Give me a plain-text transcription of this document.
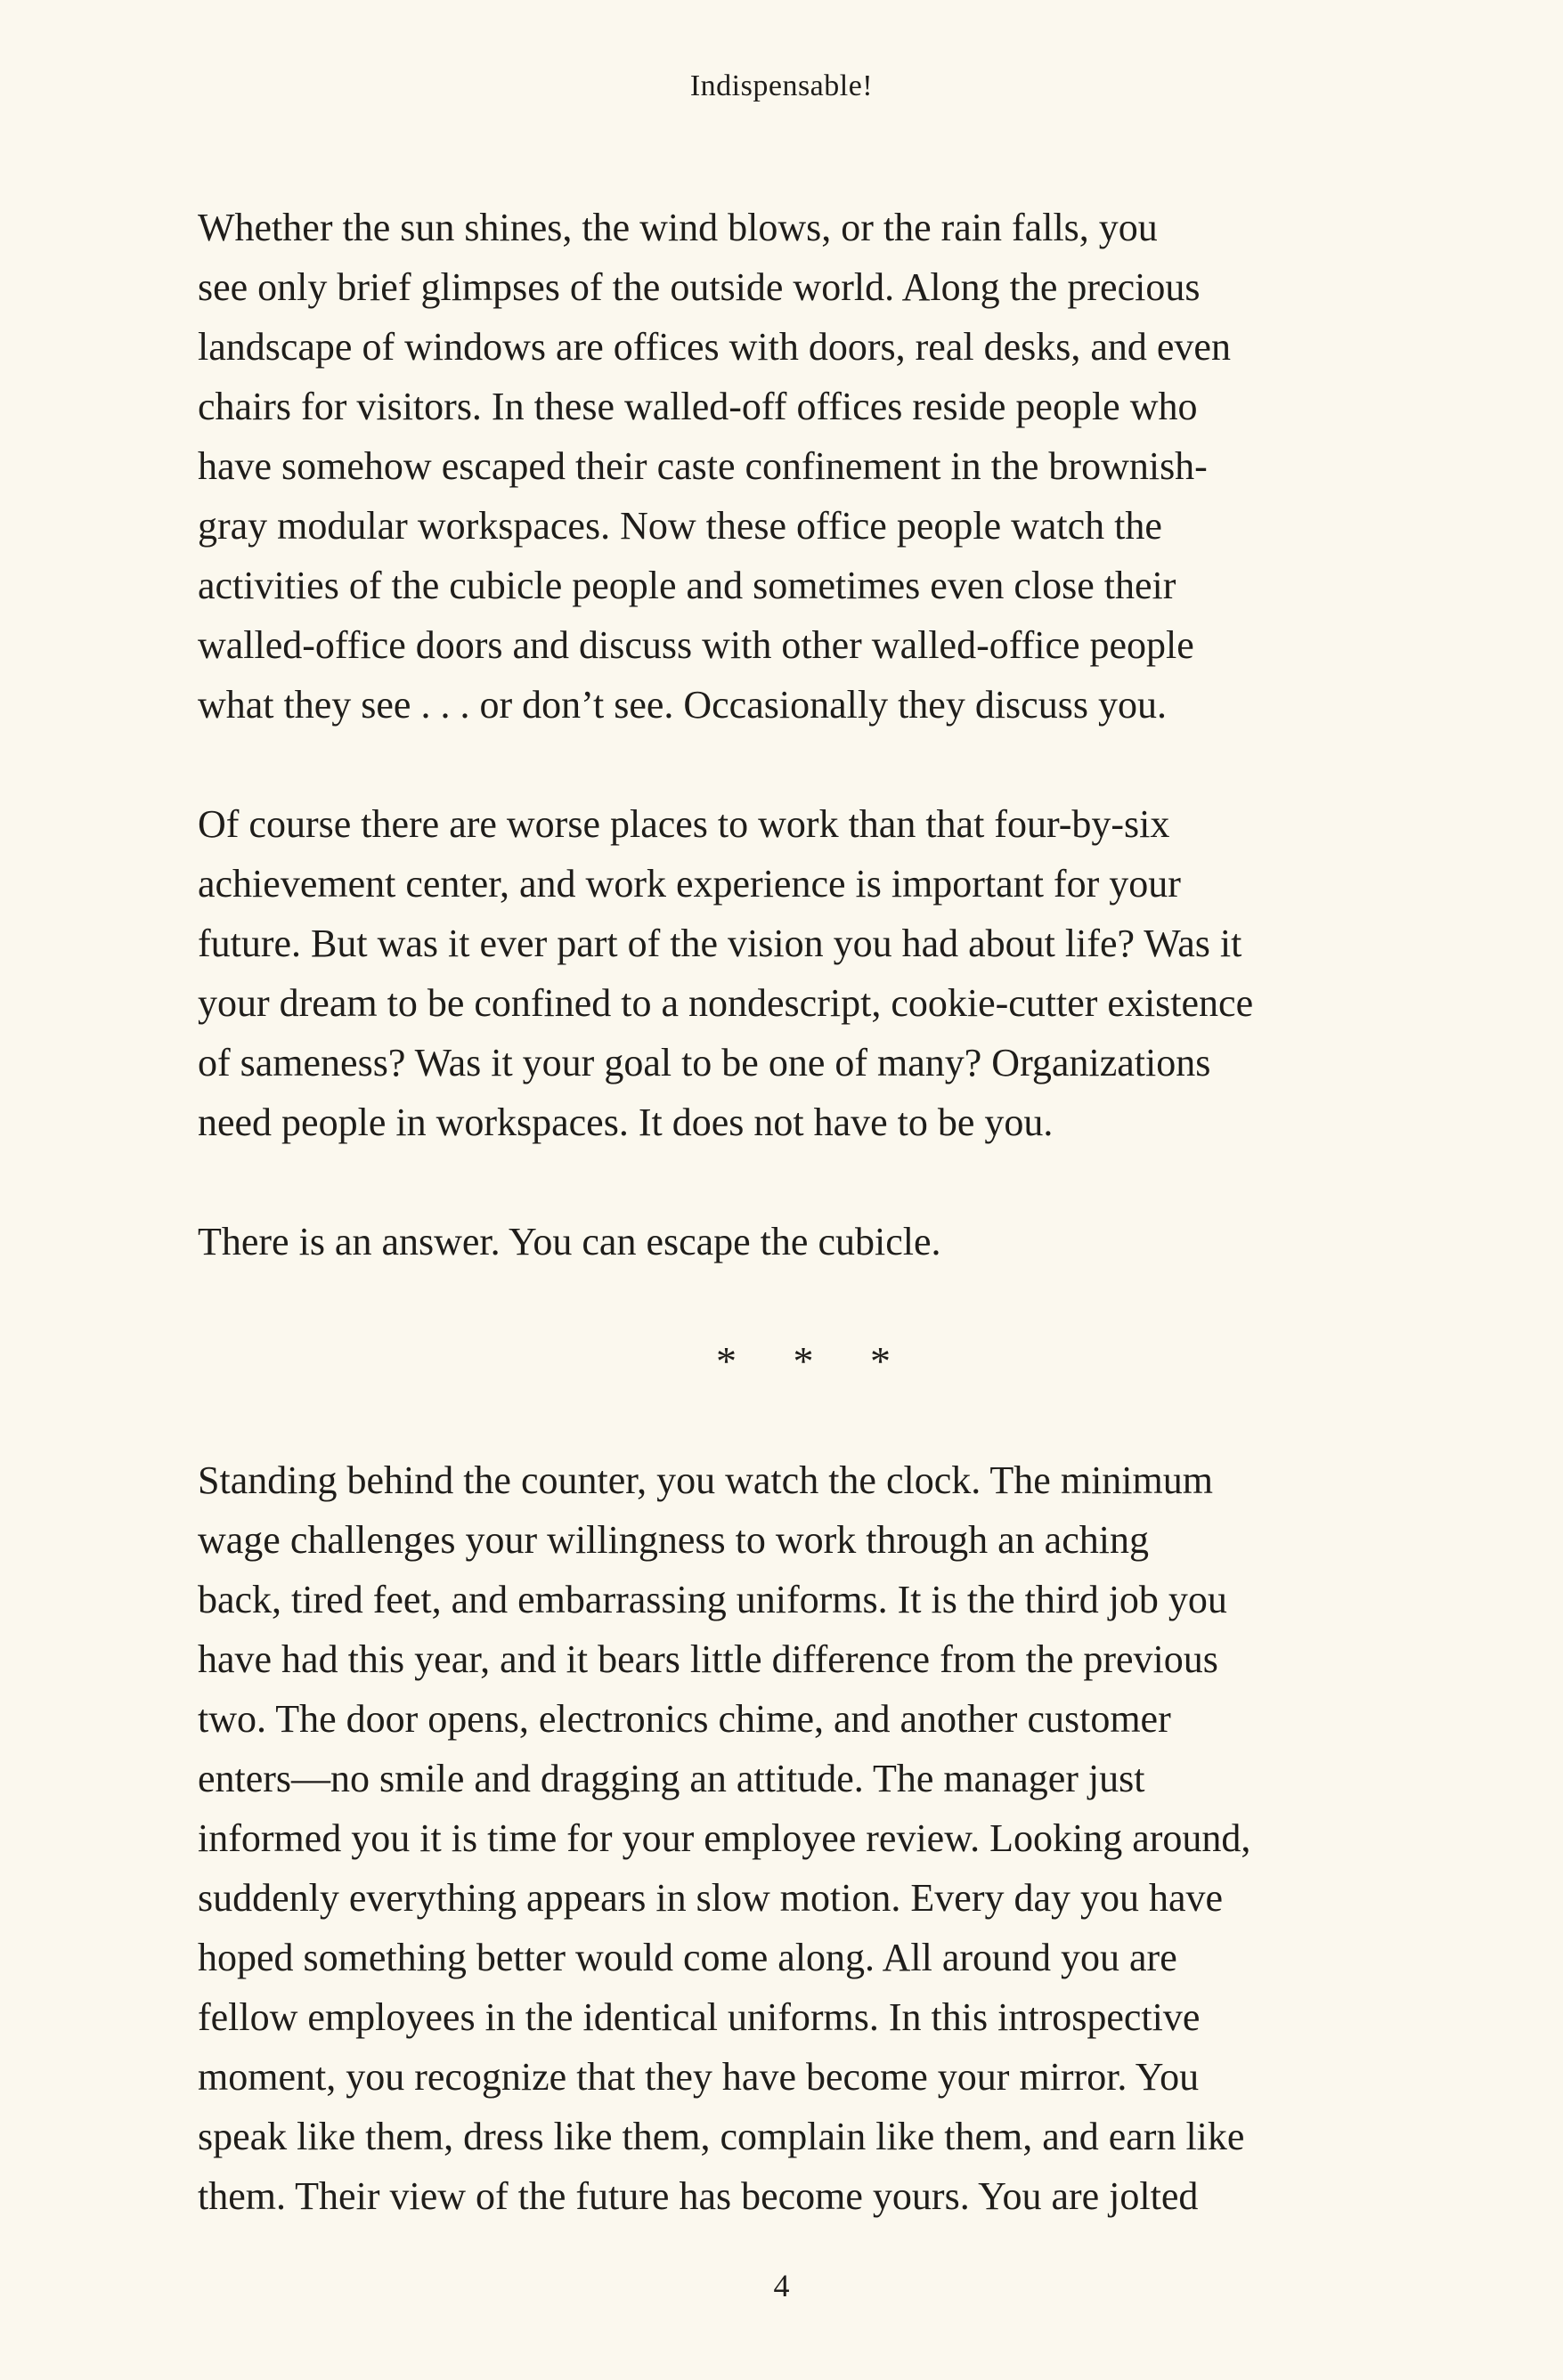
Indispensable!

Whether the sun shines, the wind blows, or the rain falls, you
see only brief glimpses of the outside world. Along the precious
landscape of windows are offices with doors, real desks, and even
chairs for visitors. In these walled-off offices reside people who
have somehow escaped their caste confinement in the brownish-
gray modular workspaces. Now these office people watch the
activities of the cubicle people and sometimes even close their
walled-office doors and discuss with other walled-office people
what they see . . . or don’t see. Occasionally they discuss you.

Of course there are worse places to work than that four-by-six
achievement center, and work experience is important for your
future. But was it ever part of the vision you had about life? Was it
your dream to be confined to a nondescript, cookie-cutter existence
of sameness? Was it your goal to be one of many? Organizations
need people in workspaces. It does not have to be you.

There is an answer. You can escape the cubicle.

* * *

Standing behind the counter, you watch the clock. The minimum
wage challenges your willingness to work through an aching
back, tired feet, and embarrassing uniforms. It is the third job you
have had this year, and it bears little difference from the previous
two. The door opens, electronics chime, and another customer
enters—no smile and dragging an attitude. The manager just
informed you it is time for your employee review. Looking around,
suddenly everything appears in slow motion. Every day you have
hoped something better would come along. All around you are
fellow employees in the identical uniforms. In this introspective
moment, you recognize that they have become your mirror. You
speak like them, dress like them, complain like them, and earn like
them. Their view of the future has become yours. You are jolted

4
